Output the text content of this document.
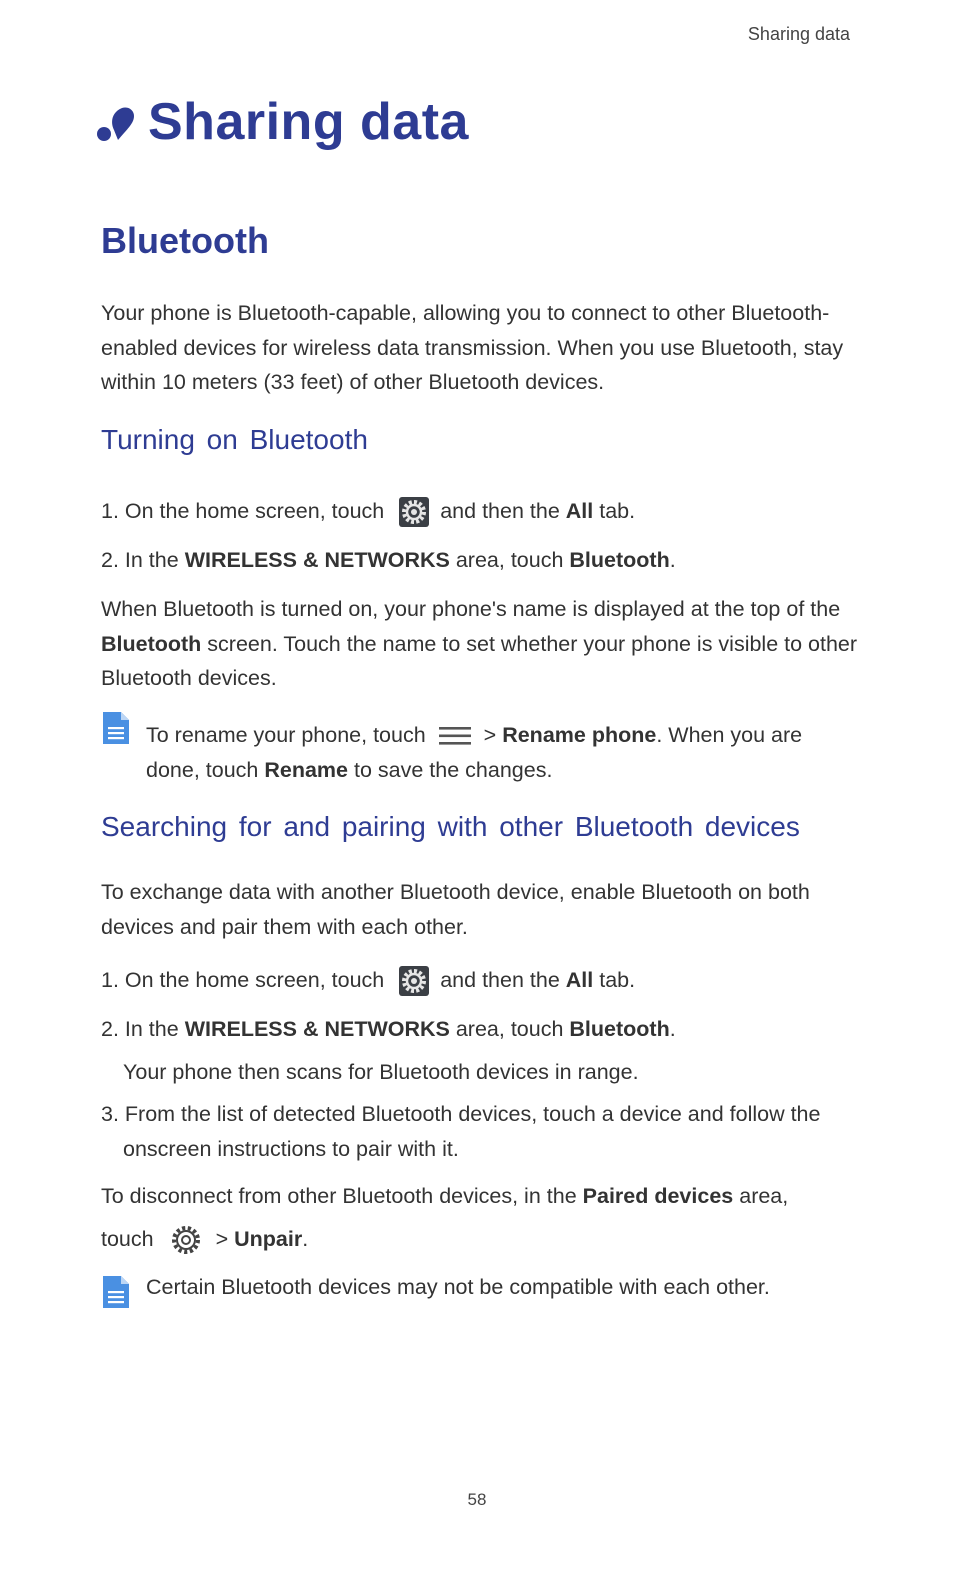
Sharing data
Sharing data
Bluetooth
Your phone is Bluetooth-capable, allowing you to connect to other Bluetooth-enabled devices for wireless data transmission. When you use Bluetooth, stay within 10 meters (33 feet) of other Bluetooth devices.
Turning on Bluetooth
1. On the home screen, touch	and then the All tab.
2. In the WIRELESS & NETWORKS area, touch Bluetooth.
When Bluetooth is turned on, your phone's name is displayed at the top of the Bluetooth screen. Touch the name to set whether your phone is visible to other Bluetooth devices.
To rename your phone, touch	> Rename phone. When you are done, touch Rename to save the changes.
Searching for and pairing with other Bluetooth devices
To exchange data with another Bluetooth device, enable Bluetooth on both devices and pair them with each other.
1. On the home screen, touch	and then the All tab.
2. In the WIRELESS & NETWORKS area, touch Bluetooth.
Your phone then scans for Bluetooth devices in range.
3. From the list of detected Bluetooth devices, touch a device and follow the onscreen instructions to pair with it.
To disconnect from other Bluetooth devices, in the Paired devices area,
touch	> Unpair.
Certain Bluetooth devices may not be compatible with each other.
58
